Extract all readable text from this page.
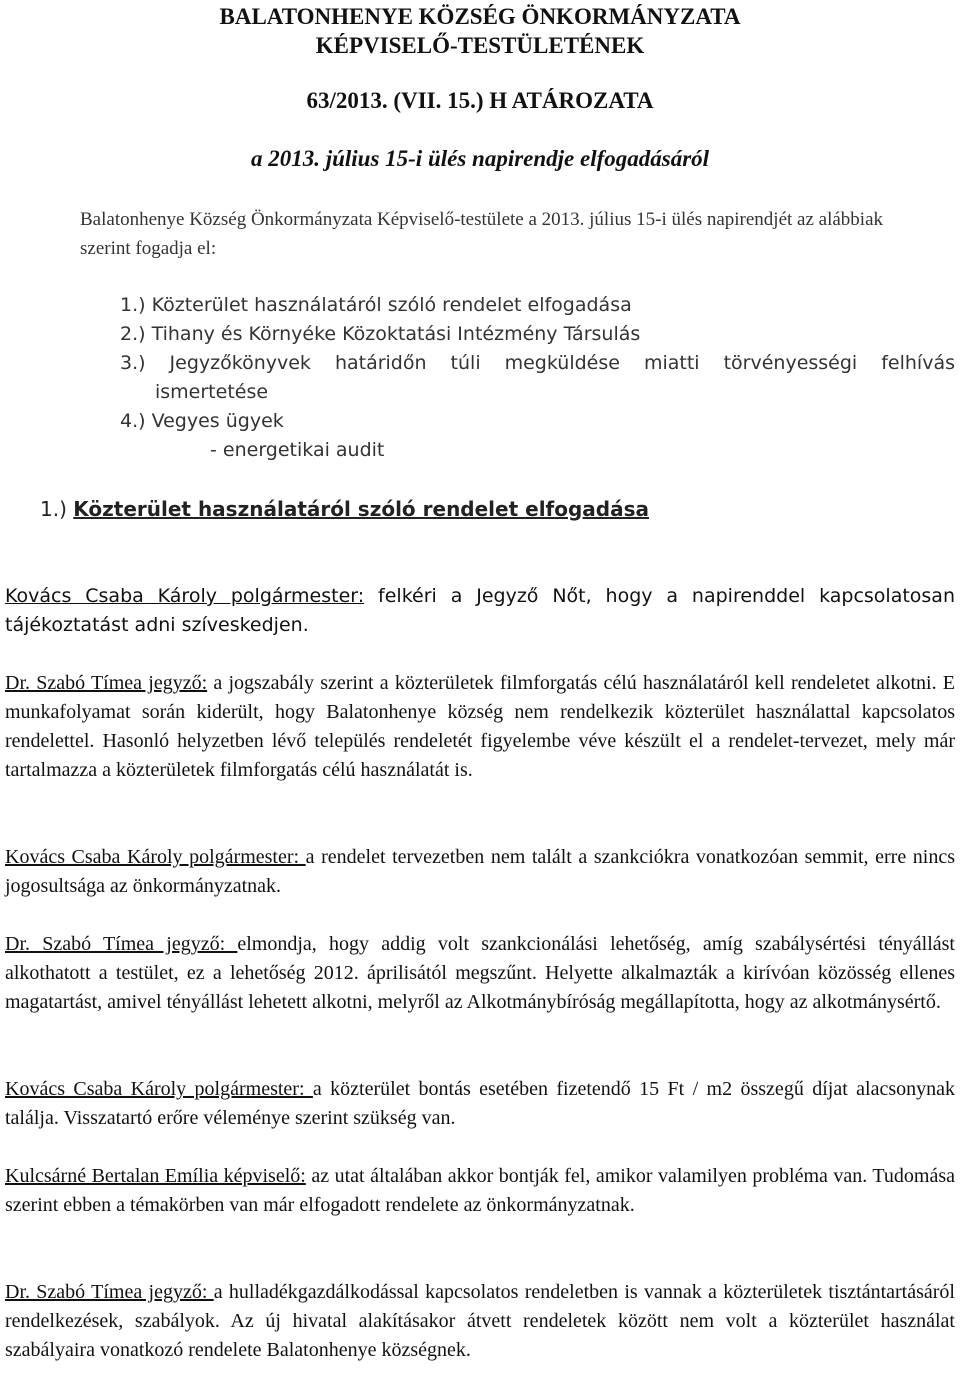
BALATONHENYE KÖZSÉG ÖNKORMÁNYZATA
KÉPVISELŐ-TESTÜLETÉNEK
63/2013. (VII. 15.) H ATÁROZATA
a 2013. július 15-i ülés napirendje elfogadásáról
Balatonhenye Község Önkormányzata Képviselő-testülete a 2013. július 15-i ülés napirendjét az alábbiak szerint fogadja el:
1.) Közterület használatáról szóló rendelet elfogadása
2.) Tihany és Környéke Közoktatási Intézmény Társulás
3.) Jegyzőkönyvek határidőn túli megküldése miatti törvényességi felhívás
ismertetése
4.) Vegyes ügyek
- energetikai audit
1.) Közterület használatáról szóló rendelet elfogadása
Kovács Csaba Károly polgármester: felkéri a Jegyző Nőt, hogy a napirenddel kapcsolatosan tájékoztatást adni szíveskedjen.
Dr. Szabó Tímea jegyző: a jogszabály szerint a közterületek filmforgatás célú használatáról kell rendeletet alkotni. E munkafolyamat során kiderült, hogy Balatonhenye község nem rendelkezik közterület használattal kapcsolatos rendelettel. Hasonló helyzetben lévő település rendeletét figyelembe véve készült el a rendelet-tervezet, mely már tartalmazza a közterületek filmforgatás célú használatát is.
Kovács Csaba Károly polgármester: a rendelet tervezetben nem talált a szankciókra vonatkozóan semmit, erre nincs jogosultsága az önkormányzatnak.
Dr. Szabó Tímea jegyző: elmondja, hogy addig volt szankcionálási lehetőség, amíg szabálysértési tényállást alkothatott a testület, ez a lehetőség 2012. áprilisától megszűnt. Helyette alkalmazták a kirívóan közösség ellenes magatartást, amivel tényállást lehetett alkotni, melyről az Alkotmánybíróság megállapította, hogy az alkotmánysértő.
Kovács Csaba Károly polgármester: a közterület bontás esetében fizetendő 15 Ft / m2 összegű díjat alacsonynak találja. Visszatartó erőre véleménye szerint szükség van.
Kulcsárné Bertalan Emília képviselő: az utat általában akkor bontják fel, amikor valamilyen probléma van. Tudomása szerint ebben a témakörben van már elfogadott rendelete az önkormányzatnak.
Dr. Szabó Tímea jegyző: a hulladékgazdálkodással kapcsolatos rendeletben is vannak a közterületek tisztántartásáról rendelkezések, szabályok. Az új hivatal alakításakor átvett rendeletek között nem volt a közterület használat szabályaira vonatkozó rendelete Balatonhenye községnek.
